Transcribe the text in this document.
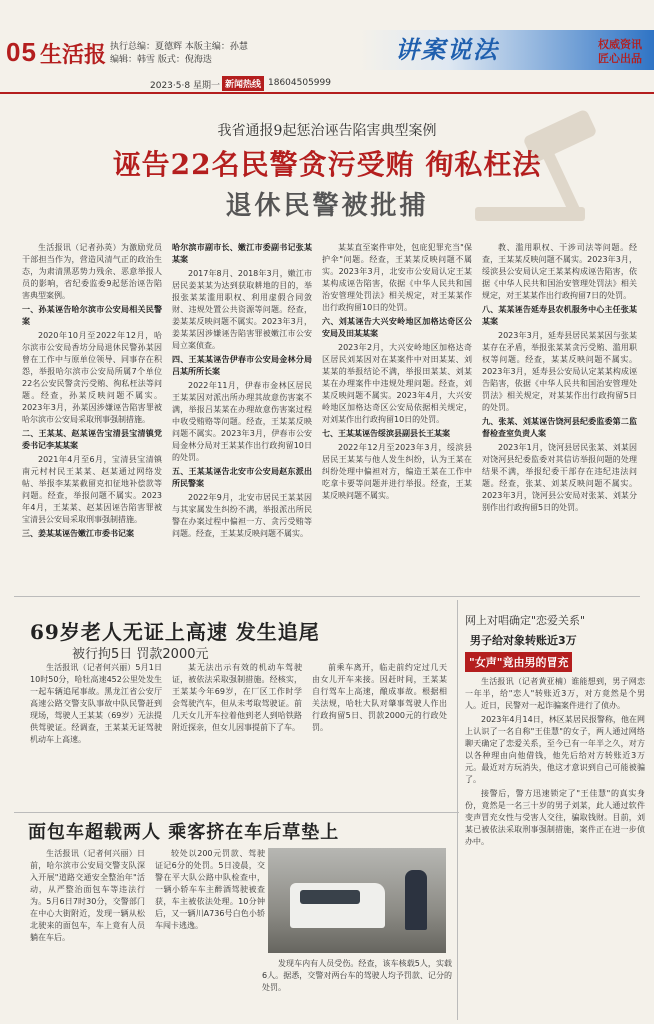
05 生活报 执行总编：夏德辉 本版主编：孙慧
编辑：韩雪 版式：倪海迭
2023·5·8 星期一 新闻热线 18604505999
讲案说法	权威资讯
匠心出品
我省通报9起惩治诬告陷害典型案例
诬告22名民警贪污受贿 徇私枉法
退休民警被批捕

生活报讯（记者孙英）为激励党员干部担当作为，营造风清气正的政治生态，为肃清黑恶势力残余、恶意举报人员的影响，省纪委监委9起惩治诬告陷害典型案例。

一、孙某诬告哈尔滨市公安局相关民警案

2020年10月至2022年12月，哈尔滨市公安局香坊分局退休民警孙某因曾在工作中与原单位领导、同事存在积怨，举报哈尔滨市公安局所属7个单位22名公安民警贪污受贿、徇私枉法等问题。经查，孙某反映问题不属实。2023年3月，孙某因涉嫌诬告陷害罪被哈尔滨市公安局采取刑事强制措施。

二、王某某、赵某诬告宝清县宝清镇党委书记李某某案

2021年4月至6月，宝清县宝清镇南元村村民王某某、赵某通过网络发帖、举报李某某截留克扣征地补偿款等问题。经查，举报问题不属实。2023年4月，王某某、赵某因诬告陷害罪被宝清县公安局采取刑事强制措施。

三、姜某某诬告嫩江市委书记案

哈尔滨市副市长、嫩江市委副书记张某某案

2017年8月、2018年3月，嫩江市居民姜某某为达到获取耕地的目的，举报张某某滥用职权、利用虚假合同敛财、违规处置公共资源等问题。经查，姜某某反映问题不属实。2023年3月，姜某某因涉嫌诬告陷害罪被嫩江市公安局立案侦查。

四、王某某诬告伊春市公安局金林分局吕某所所长案

2022年11月，伊春市金林区居民王某某因对派出所办理其故意伤害案不满，举报吕某某在办理故意伤害案过程中收受贿赂等问题。经查，王某某反映问题不属实。2023年3月，伊春市公安局金林分局对王某某作出行政拘留10日的处罚。

五、王某某诬告北安市公安局赵东派出所民警案

2022年9月，北安市居民王某某因与其家属发生纠纷不满，举报派出所民警在办案过程中偏袒一方、贪污受贿等问题。经查，王某某反映问题不属实。

某某直至案件审处，包庇犯罪充当"保护伞"问题。经查，王某某反映问题不属实。2023年3月，北安市公安局认定王某某构成诬告陷害，依据《中华人民共和国治安管理处罚法》相关规定，对王某某作出行政拘留10日的处罚。

六、刘某诬告大兴安岭地区加格达奇区公安局及田某某案

2023年2月，大兴安岭地区加格达奇区居民刘某因对在某案件中对田某某、刘某某的举报结论不满，举报田某某、刘某某在办理案件中违规处理问题。经查，刘某反映问题不属实。2023年4月，大兴安岭地区加格达奇区公安局依据相关规定，对刘某作出行政拘留10日的处罚。

七、王某某诬告绥滨县副县长王某案

2022年12月至2023年3月，绥滨县居民王某某与他人发生纠纷，认为王某在纠纷处理中偏袒对方，编造王某在工作中吃拿卡要等问题并进行举报。经查，王某某反映问题不属实。

教、滥用职权、干涉司法等问题。经查，王某某反映问题不属实。2023年3月，绥滨县公安局认定王某某构成诬告陷害，依据《中华人民共和国治安管理处罚法》相关规定，对王某某作出行政拘留7日的处罚。

八、某某诬告延寿县农机服务中心主任张某某案

2023年3月，延寿县居民某某因与张某某存在矛盾，举报张某某贪污受贿、滥用职权等问题。经查，某某反映问题不属实。2023年3月，延寿县公安局认定某某构成诬告陷害，依据《中华人民共和国治安管理处罚法》相关规定，对某某作出行政拘留5日的处罚。

九、张某、刘某诬告饶河县纪委监委第二监督检查室负责人案

2023年1月，饶河县居民张某、刘某因对饶河县纪委监委对其信访举报问题的处理结果不满，举报纪委干部存在违纪违法问题。经查，张某、刘某反映问题不属实。2023年3月，饶河县公安局对张某、刘某分别作出行政拘留5日的处罚。

69岁老人无证上高速 发生追尾
被行拘5日 罚款2000元

生活报讯（记者何兴丽）5月1日10时50分，哈牡高速452公里处发生一起车辆追尾事故。黑龙江省公安厅高速公路交警支队事故中队民警赶到现场，驾驶人王某某（69岁）无法提供驾驶证。经调查，王某某无证驾驶机动车上高速。

某无法出示有效的机动车驾驶证，被依法采取强制措施。经核实，王某某今年69岁，在厂区工作时学会驾驶汽车，但从未考取驾驶证。前几天女儿开车拉着他到老人到哈铁路附近探亲，但女儿因事提前下了车。

前乘车离开，临走前约定过几天由女儿开车来接。因赶时间，王某某自行驾车上高速，酿成事故。根据相关法规，哈牡大队对肇事驾驶人作出行政拘留5日、罚款2000元的行政处罚。

面包车超载两人 乘客挤在车后草垫上

生活报讯（记者何兴丽）日前，哈尔滨市公安局交警支队深入开展"道路交通安全整治年"活动，从严整治面包车等违法行为。5月6日7时30分，交警部门在中心大街附近，发现一辆从松北驶来的面包车，车上竟有人员躺在车后。

较处以200元罚款、驾驶证记6分的处罚。5日凌晨，交警在平大队公路中队检查中，一辆小轿车车主醉酒驾驶被查获，车主被依法处理。10分钟后，又一辆川A736号白色小轿车闯卡逃逸。

发现车内有人员受伤。经查，该车核载5人，实载6人。据悉，交警对两台车的驾驶人均予罚款、记分的处罚。

网上对唱确定"恋爱关系"
男子给对象转账近3万
"女声"竟由男的冒充

生活报讯（记者黄亚楠）谁能想到，男子网恋一年半，给"恋人"转账近3万，对方竟然是个男人。近日，民警对一起诈骗案件进行了侦办。

2023年4月14日，林区某居民报警称，他在网上认识了一名自称"王佳慧"的女子，两人通过网络聊天确定了恋爱关系，至今已有一年半之久，对方以各种理由向他借钱，他先后给对方转账近3万元。最近对方玩消失，他这才意识到自己可能被骗了。

接警后，警方迅速锁定了"王佳慧"的真实身份，竟然是一名三十岁的男子刘某，此人通过软件变声冒充女性与受害人交往，骗取钱财。目前，刘某已被依法采取刑事强制措施，案件正在进一步侦办中。
